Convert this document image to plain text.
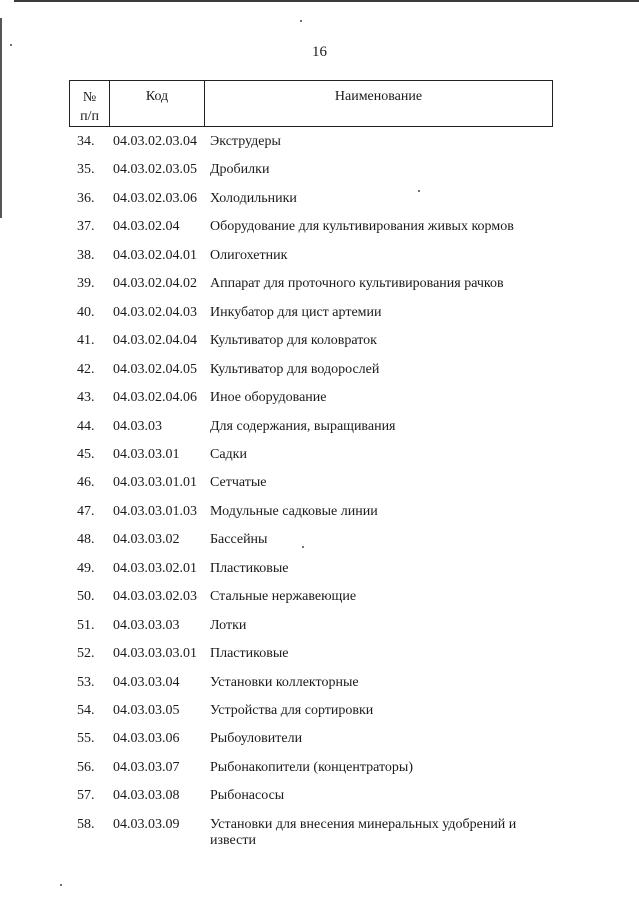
16
№
п/п
Код	Наименование
34. 04.03.02.03.04 Экструдеры
35. 04.03.02.03.05 Дробилки
36. 04.03.02.03.06 Холодильники
37. 04.03.02.04 Оборудование для культивирования живых кормов
38. 04.03.02.04.01 Олигохетник
39. 04.03.02.04.02 Аппарат для проточного культивирования рачков
40. 04.03.02.04.03 Инкубатор для цист артемии
41. 04.03.02.04.04 Культиватор для коловраток
42. 04.03.02.04.05 Культиватор для водорослей
43. 04.03.02.04.06 Иное оборудование
44. 04.03.03	Для содержания, выращивания
45. 04.03.03.01 Садки
46. 04.03.03.01.01 Сетчатые
47. 04.03.03.01.03 Модульные садковые линии
48. 04.03.03.02 Бассейны
49. 04.03.03.02.01 Пластиковые
50. 04.03.03.02.03 Стальные нержавеющие
51. 04.03.03.03 Лотки
52. 04.03.03.03.01 Пластиковые
53. 04.03.03.04 Установки коллекторные
54. 04.03.03.05 Устройства для сортировки
55. 04.03.03.06 Рыбоуловители
56. 04.03.03.07 Рыбонакопители (концентраторы)
57. 04.03.03.08 Рыбонасосы
58. 04.03.03.09 Установки для внесения минеральных удобрений и извести
